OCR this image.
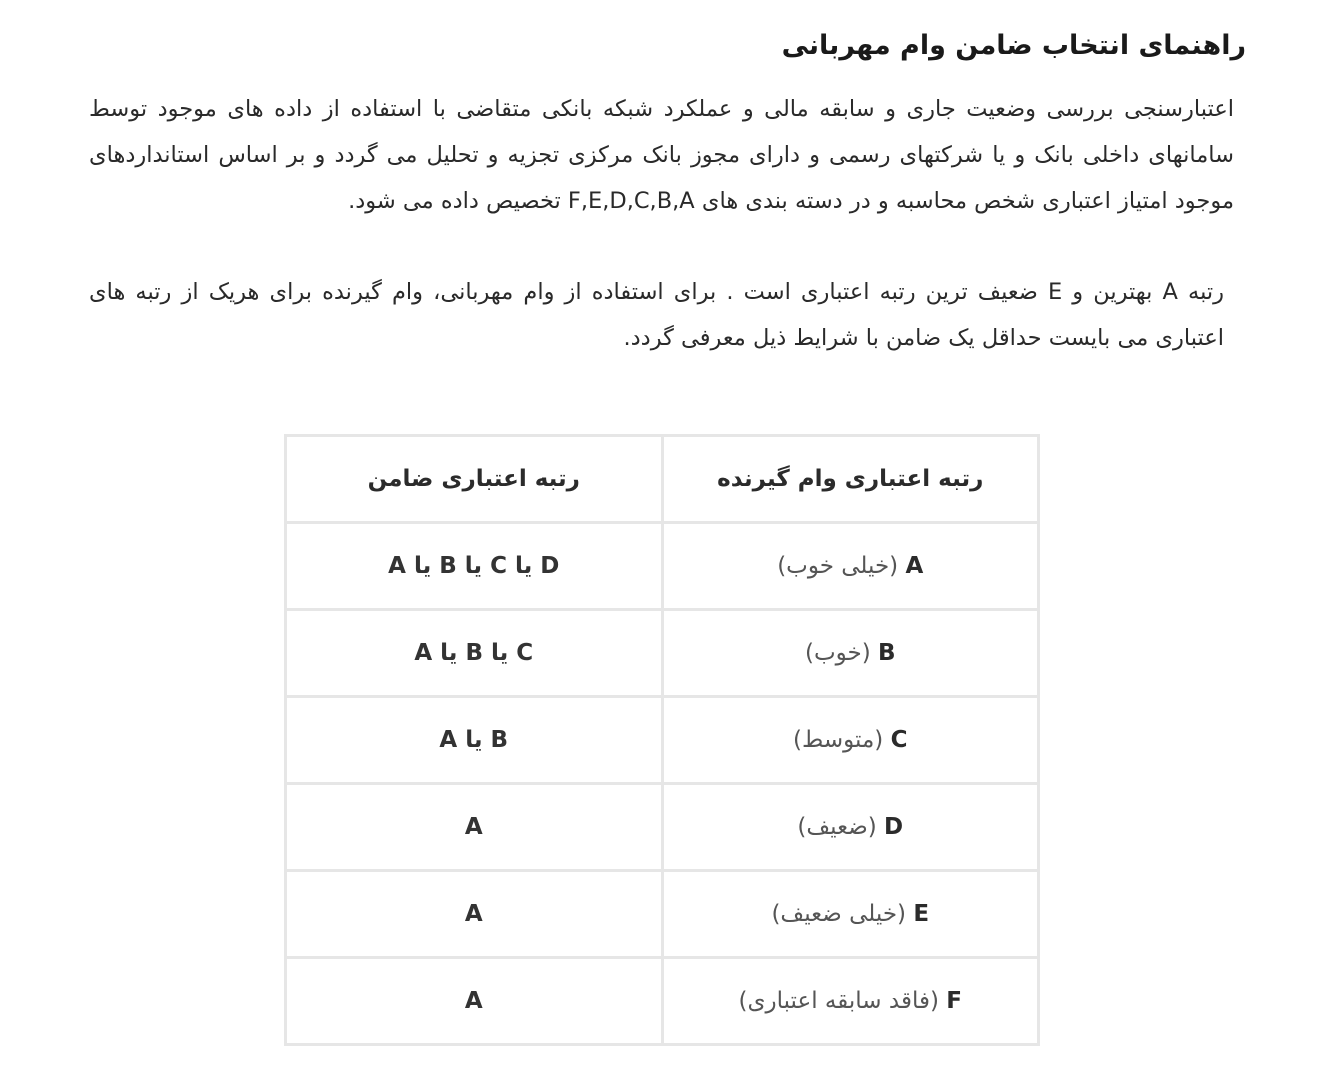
راهنمای انتخاب ضامن وام مهربانی

اعتبارسنجی بررسی وضعیت جاری و سابقه مالی و عملکرد شبکه بانکی متقاضی با استفاده از داده های موجود توسط سامانهای داخلی بانک و یا شرکتهای رسمی و دارای مجوز بانک مرکزی تجزیه و تحلیل می گردد و بر اساس استانداردهای موجود امتیاز اعتباری شخص محاسبه و در دسته بندی های F,E,D,C,B,A تخصیص داده می شود.

رتبه A بهترین و E ضعیف ترین رتبه اعتباری است . برای استفاده از وام مهربانی، وام گیرنده برای هریک از رتبه های اعتباری می بایست حداقل یک ضامن با شرایط ذیل معرفی گردد.

رتبه اعتباری وام گیرنده	رتبه اعتباری ضامن
A (خیلی خوب)	D یا C یا B یا A
B (خوب)	C یا B یا A
C (متوسط)	B یا A
D (ضعیف)	A
E (خیلی ضعیف)	A
F (فاقد سابقه اعتباری)	A
